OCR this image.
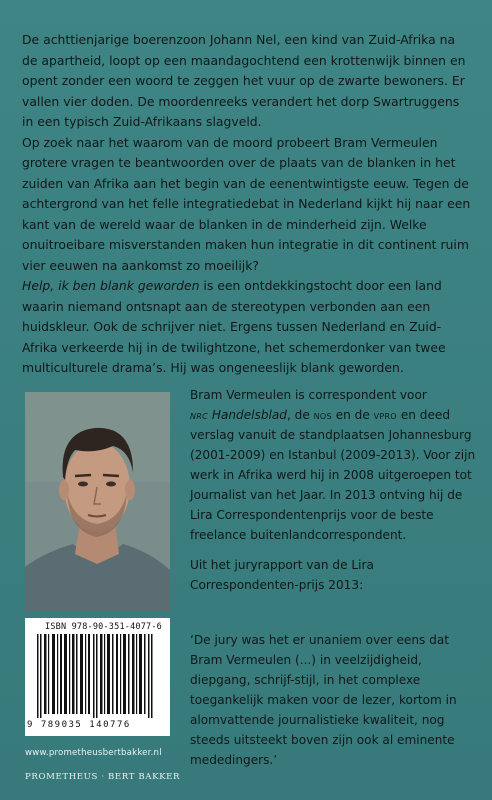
De achttienjarige boerenzoon Johann Nel, een kind van Zuid-Afrika na de apartheid, loopt op een maandagochtend een krottenwijk binnen en opent zonder een woord te zeggen het vuur op de zwarte bewoners. Er vallen vier doden. De moordenreeks verandert het dorp Swartruggens in een typisch Zuid-Afrikaans slagveld.

Op zoek naar het waarom van de moord probeert Bram Vermeulen grotere vragen te beantwoorden over de plaats van de blanken in het zuiden van Afrika aan het begin van de eenentwintigste eeuw. Tegen de achtergrond van het felle integratiedebat in Nederland kijkt hij naar een kant van de wereld waar de blanken in de minderheid zijn. Welke onuitroeibare misverstanden maken hun integratie in dit continent ruim vier eeuwen na aankomst zo moeilijk?
Help, ik ben blank geworden is een ontdekkingstocht door een land waarin niemand ontsnapt aan de stereotypen verbonden aan een huidskleur. Ook de schrijver niet. Ergens tussen Nederland en Zuid-Afrika verkeerde hij in de twilightzone, het schemerdonker van twee multiculturele drama’s. Hij was ongeneeslijk blank geworden.

Bram Vermeulen is correspondent voor
nrc Handelsblad, de nos en de vpro en deed verslag vanuit de standplaatsen Johannesburg (2001-2009) en Istanbul (2009-2013). Voor zijn werk in Afrika werd hij in 2008 uitgeroepen tot Journalist van het Jaar. In 2013 ontving hij de Lira Correspondentenprijs voor de beste freelance buitenlandcorrespondent.

Uit het juryrapport van de Lira Correspondenten-prijs 2013:

‘De jury was het er unaniem over eens dat Bram Vermeulen (...) in veelzijdigheid, diepgang, schrijf-stijl, in het complexe toegankelijk maken voor de lezer, kortom in alomvattende journalistieke kwaliteit, nog steeds uitsteekt boven zijn ook al eminente mededingers.’
ISBN 978-90-351-4077-6
9 789035 140776
www.prometheusbertbakker.nl
PROMETHEUS · BERT BAKKER
